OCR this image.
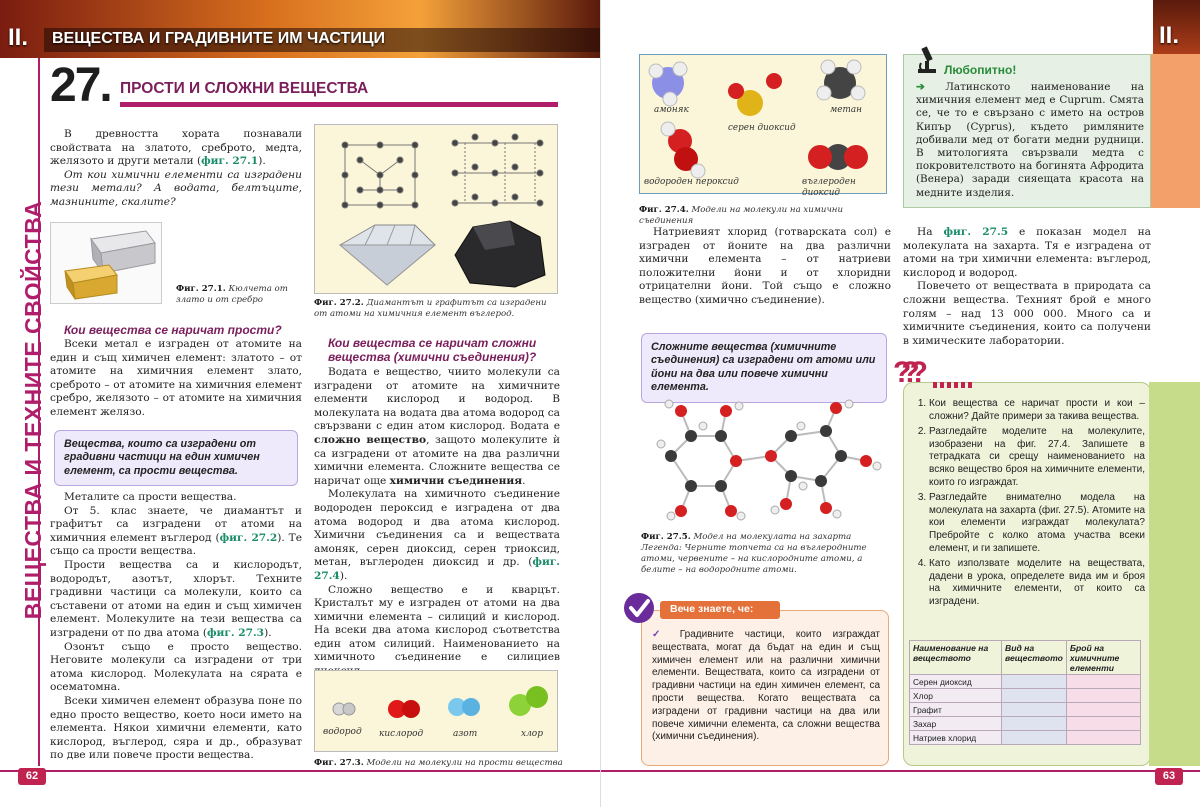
II. ВЕЩЕСТВА И ГРАДИВНИТЕ ИМ ЧАСТИЦИ
ВЕЩЕСТВА И ТЕХНИТЕ СВОЙСТВА
27. ПРОСТИ И СЛОЖНИ ВЕЩЕСТВА

В древността хората познавали свойствата на златото, среброто, медта, желязото и други метали (фиг. 27.1).

От кои химични елементи са изградени тези метали? А водата, белтъците, мазнините, скалите?

Фиг. 27.1. Кюлчета от злато и от сребро	Фиг. 27.2. Диамантът и графитът са изградени от атоми на химичния елемент въглерод.
Кои вещества се наричат прости?

Всеки метал е изграден от атомите на един и същ химичен елемент: златото – от атомите на химичния елемент злато, среброто – от атомите на химичния елемент сребро, желязото – от атомите на химичния елемент желязо.

Вещества, които са изградени от градивни частици на един химичен елемент, са прости вещества.

Металите са прости вещества.

От 5. клас знаете, че диамантът и графитът са изградени от атоми на химичния елемент въглерод (фиг. 27.2). Те също са прости вещества.

Прости вещества са и кислородът, водородът, азотът, хлорът. Техните градивни частици са молекули, които са съставени от атоми на един и същ химичен елемент. Молекулите на тези вещества са изградени от по два атома (фиг. 27.3).

Озонът също е просто вещество. Неговите молекули са изградени от три атома кислород. Молекулата на сярата е осематомна.

Всеки химичен елемент образува поне по едно просто вещество, което носи името на елемента. Някои химични елементи, като кислород, въглерод, сяра и др., образуват по две или повече прости вещества.

Кои вещества се наричат сложни вещества (химични съединения)?

Водата е вещество, чиито молекули са изградени от атомите на химичните елементи кислород и водород. В молекулата на водата два атома водород са свързвани с един атом кислород. Водата е сложно вещество, защото молекулите ѝ са изградени от атомите на два различни химични елемента. Сложните вещества се наричат още химични съединения.

Молекулата на химичното съединение водороден пероксид е изградена от два атома водород и два атома кислород. Химични съединения са и веществата амоняк, серен диоксид, серен триоксид, метан, въглероден диоксид и др. (фиг. 27.4).

Сложно вещество е и кварцът. Кристалът му е изграден от атоми на два химични елемента – силиций и кислород. На всеки два атома кислород съответства един атом силиций. Наименованието на химичното съединение е силициев

водород кислород	азот	хлор
Фиг. 27.3. Модели на молекули на прости вещества
62
II.
амоняк
серен диоксид
метан
водороден пероксид	въглероден диоксид
Фиг. 27.4. Модели на молекули на химични съединения
Любопитно!
➔ Латинското наименование на химичния елемент мед е Cuprum. Смята се, че то е свързано с името на остров Кипър (Cyprus), където римляните добивали мед от богати медни рудници. В митологията свързвали медта с покровителството на богинята Афродита (Венера) заради сияещата красота на медните изделия.

Натриевият хлорид (готварската сол) е изграден от йоните на два различни химични елемента – от натриеви положителни йони и от хлоридни отрицателни йони. Той също е сложно вещество (химично съединение).

На фиг. 27.5 е показан модел на молекулата на захарта. Тя е изградена от атоми на три химични елемента: въглерод, кислород и водород.

Повечето от веществата в природата са сложни вещества. Техният брой е много голям – над 13 000 000. Много са и химичните съединения, които са получени в химическите лаборатории.

Сложните вещества (химичните съединения) са изградени от атоми или йони на два или повече химични елемента.
Фиг. 27.5. Модел на молекулата на захарта
Легенда: Черните топчета са на въглеродните атоми, червените – на кислородните атоми, а белите – на водородните атоми.
Вече знаете, че:
✓ Градивните частици, които изграждат веществата, могат да бъдат на един и същ химичен елемент или на различни химични елементи. Веществата, които са изградени от градивни частици на един химичен елемент, са прости вещества. Когато веществата са изградени от градивни частици на два или повече химични елемента, са сложни вещества (химични съединения).
???
1. Кои вещества се наричат прости и кои – сложни? Дайте примери за такива вещества.
2. Разгледайте моделите на молекулите, изобразени на фиг. 27.4. Запишете в тетрадката си срещу наименованието на всяко вещество броя на химичните елементи, които го изграждат.
3. Разгледайте внимателно модела на молекулата на захарта (фиг. 27.5). Атомите на кои елементи изграждат молекулата? Пребройте с колко атома участва всеки елемент, и ги запишете.
4. Като използвате моделите на веществата, дадени в урока, определете вида им и броя на химичните елементи, от които са изградени.
Наименование на веществото	Вид на веществото	Брой на химичните елементи
Серен диоксид		
Хлор		
Графит		
Захар		
Натриев хлорид		
63
